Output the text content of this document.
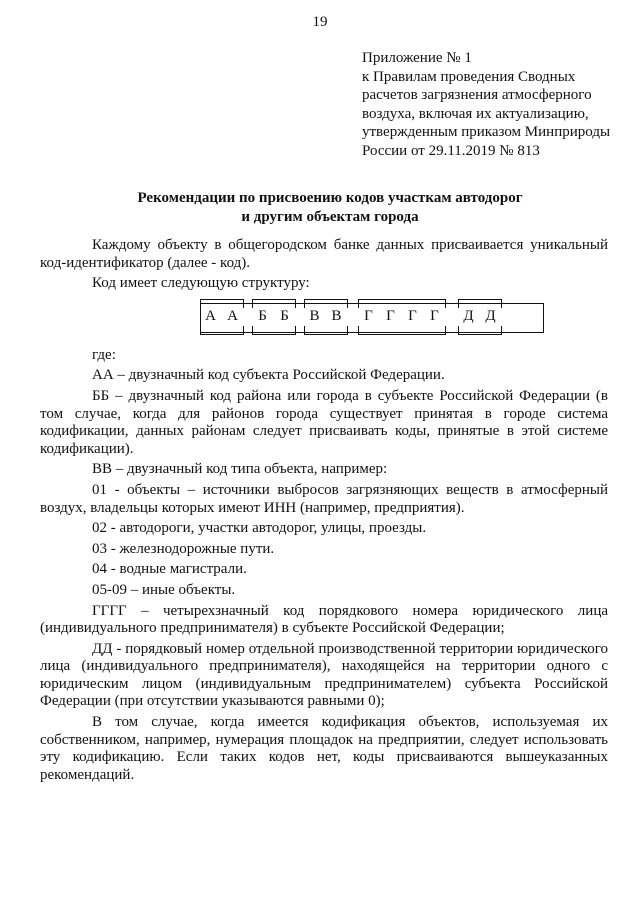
19
Приложение № 1
к Правилам проведения Сводных
расчетов загрязнения атмосферного
воздуха, включая их актуализацию,
утвержденным приказом Минприроды
России от 29.11.2019 № 813
Рекомендации по присвоению кодов участкам автодорог
и другим объектам города

Каждому объекту в общегородском банке данных присваивается уникальный код-идентификатор (далее - код).

Код имеет следующую структуру:

А А Б Б В В Г Г Г Г Д Д

где:

АА – двузначный код субъекта Российской Федерации.

ББ – двузначный код района или города в субъекте Российской Федерации (в том случае, когда для районов города существует принятая в городе система кодификации, данных районам следует присваивать коды, принятые в этой системе кодификации).

ВВ – двузначный код типа объекта, например:

01 - объекты – источники выбросов загрязняющих веществ в атмосферный воздух, владельцы которых имеют ИНН (например, предприятия).

02 - автодороги, участки автодорог, улицы, проезды.

03 - железнодорожные пути.

04 - водные магистрали.

05-09 – иные объекты.

ГГГГ – четырехзначный код порядкового номера юридического лица (индивидуального предпринимателя) в субъекте Российской Федерации;

ДД - порядковый номер отдельной производственной территории юридического лица (индивидуального предпринимателя), находящейся на территории одного с юридическим лицом (индивидуальным предпринимателем) субъекта Российской Федерации (при отсутствии указываются равными 0);

В том случае, когда имеется кодификация объектов, используемая их собственником, например, нумерация площадок на предприятии, следует использовать эту кодификацию. Если таких кодов нет, коды присваиваются вышеуказанных рекомендаций.
